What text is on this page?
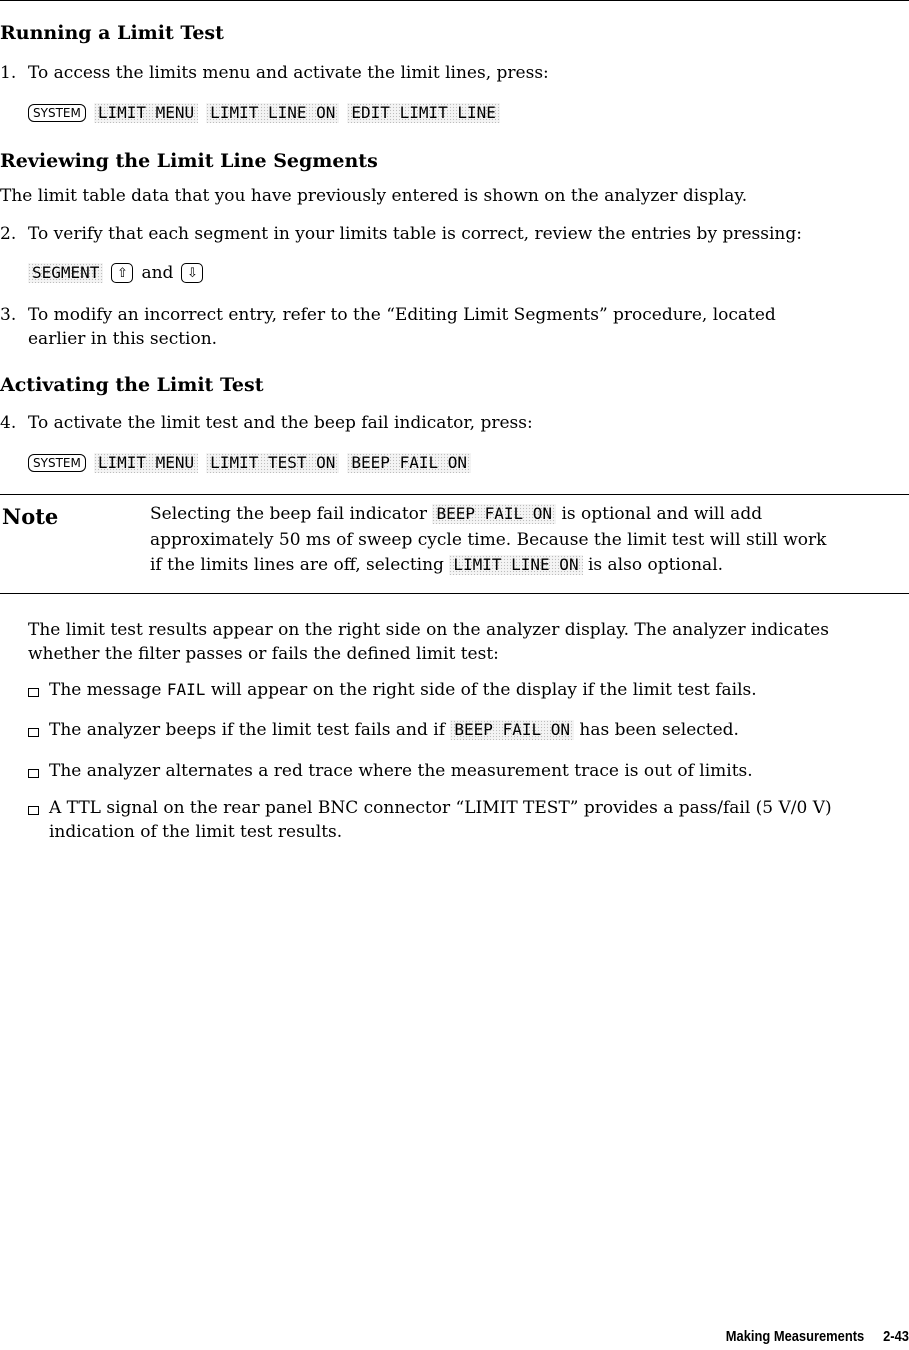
Running a Limit Test
1. To access the limits menu and activate the limit lines, press:
SYSTEM	LIMIT MENU LIMIT LINE ON EDIT LIMIT LINE
Reviewing the Limit Line Segments
The limit table data that you have previously entered is shown on the analyzer display.
2. To verify that each segment in your limits table is correct, review the entries by pressing:
SEGMENT	⇧ and ⇩
3. To modify an incorrect entry, refer to the “Editing Limit Segments” procedure, located
earlier in this section.
Activating the Limit Test
4. To activate the limit test and the beep fail indicator, press:
SYSTEM	LIMIT MENU LIMIT TEST ON BEEP FAIL ON
Note	Selecting the beep fail indicator BEEP FAIL ON is optional and will add
approximately 50 ms of sweep cycle time. Because the limit test will still work
if the limits lines are off, selecting LIMIT LINE ON is also optional.
The limit test results appear on the right side on the analyzer display. The analyzer indicates
whether the filter passes or fails the defined limit test:
The message FAIL will appear on the right side of the display if the limit test fails.
The analyzer beeps if the limit test fails and if BEEP FAIL ON has been selected.
The analyzer alternates a red trace where the measurement trace is out of limits.
A TTL signal on the rear panel BNC connector “LIMIT TEST” provides a pass/fail (5 V/0 V)
indication of the limit test results.
Making Measurements 2-43
